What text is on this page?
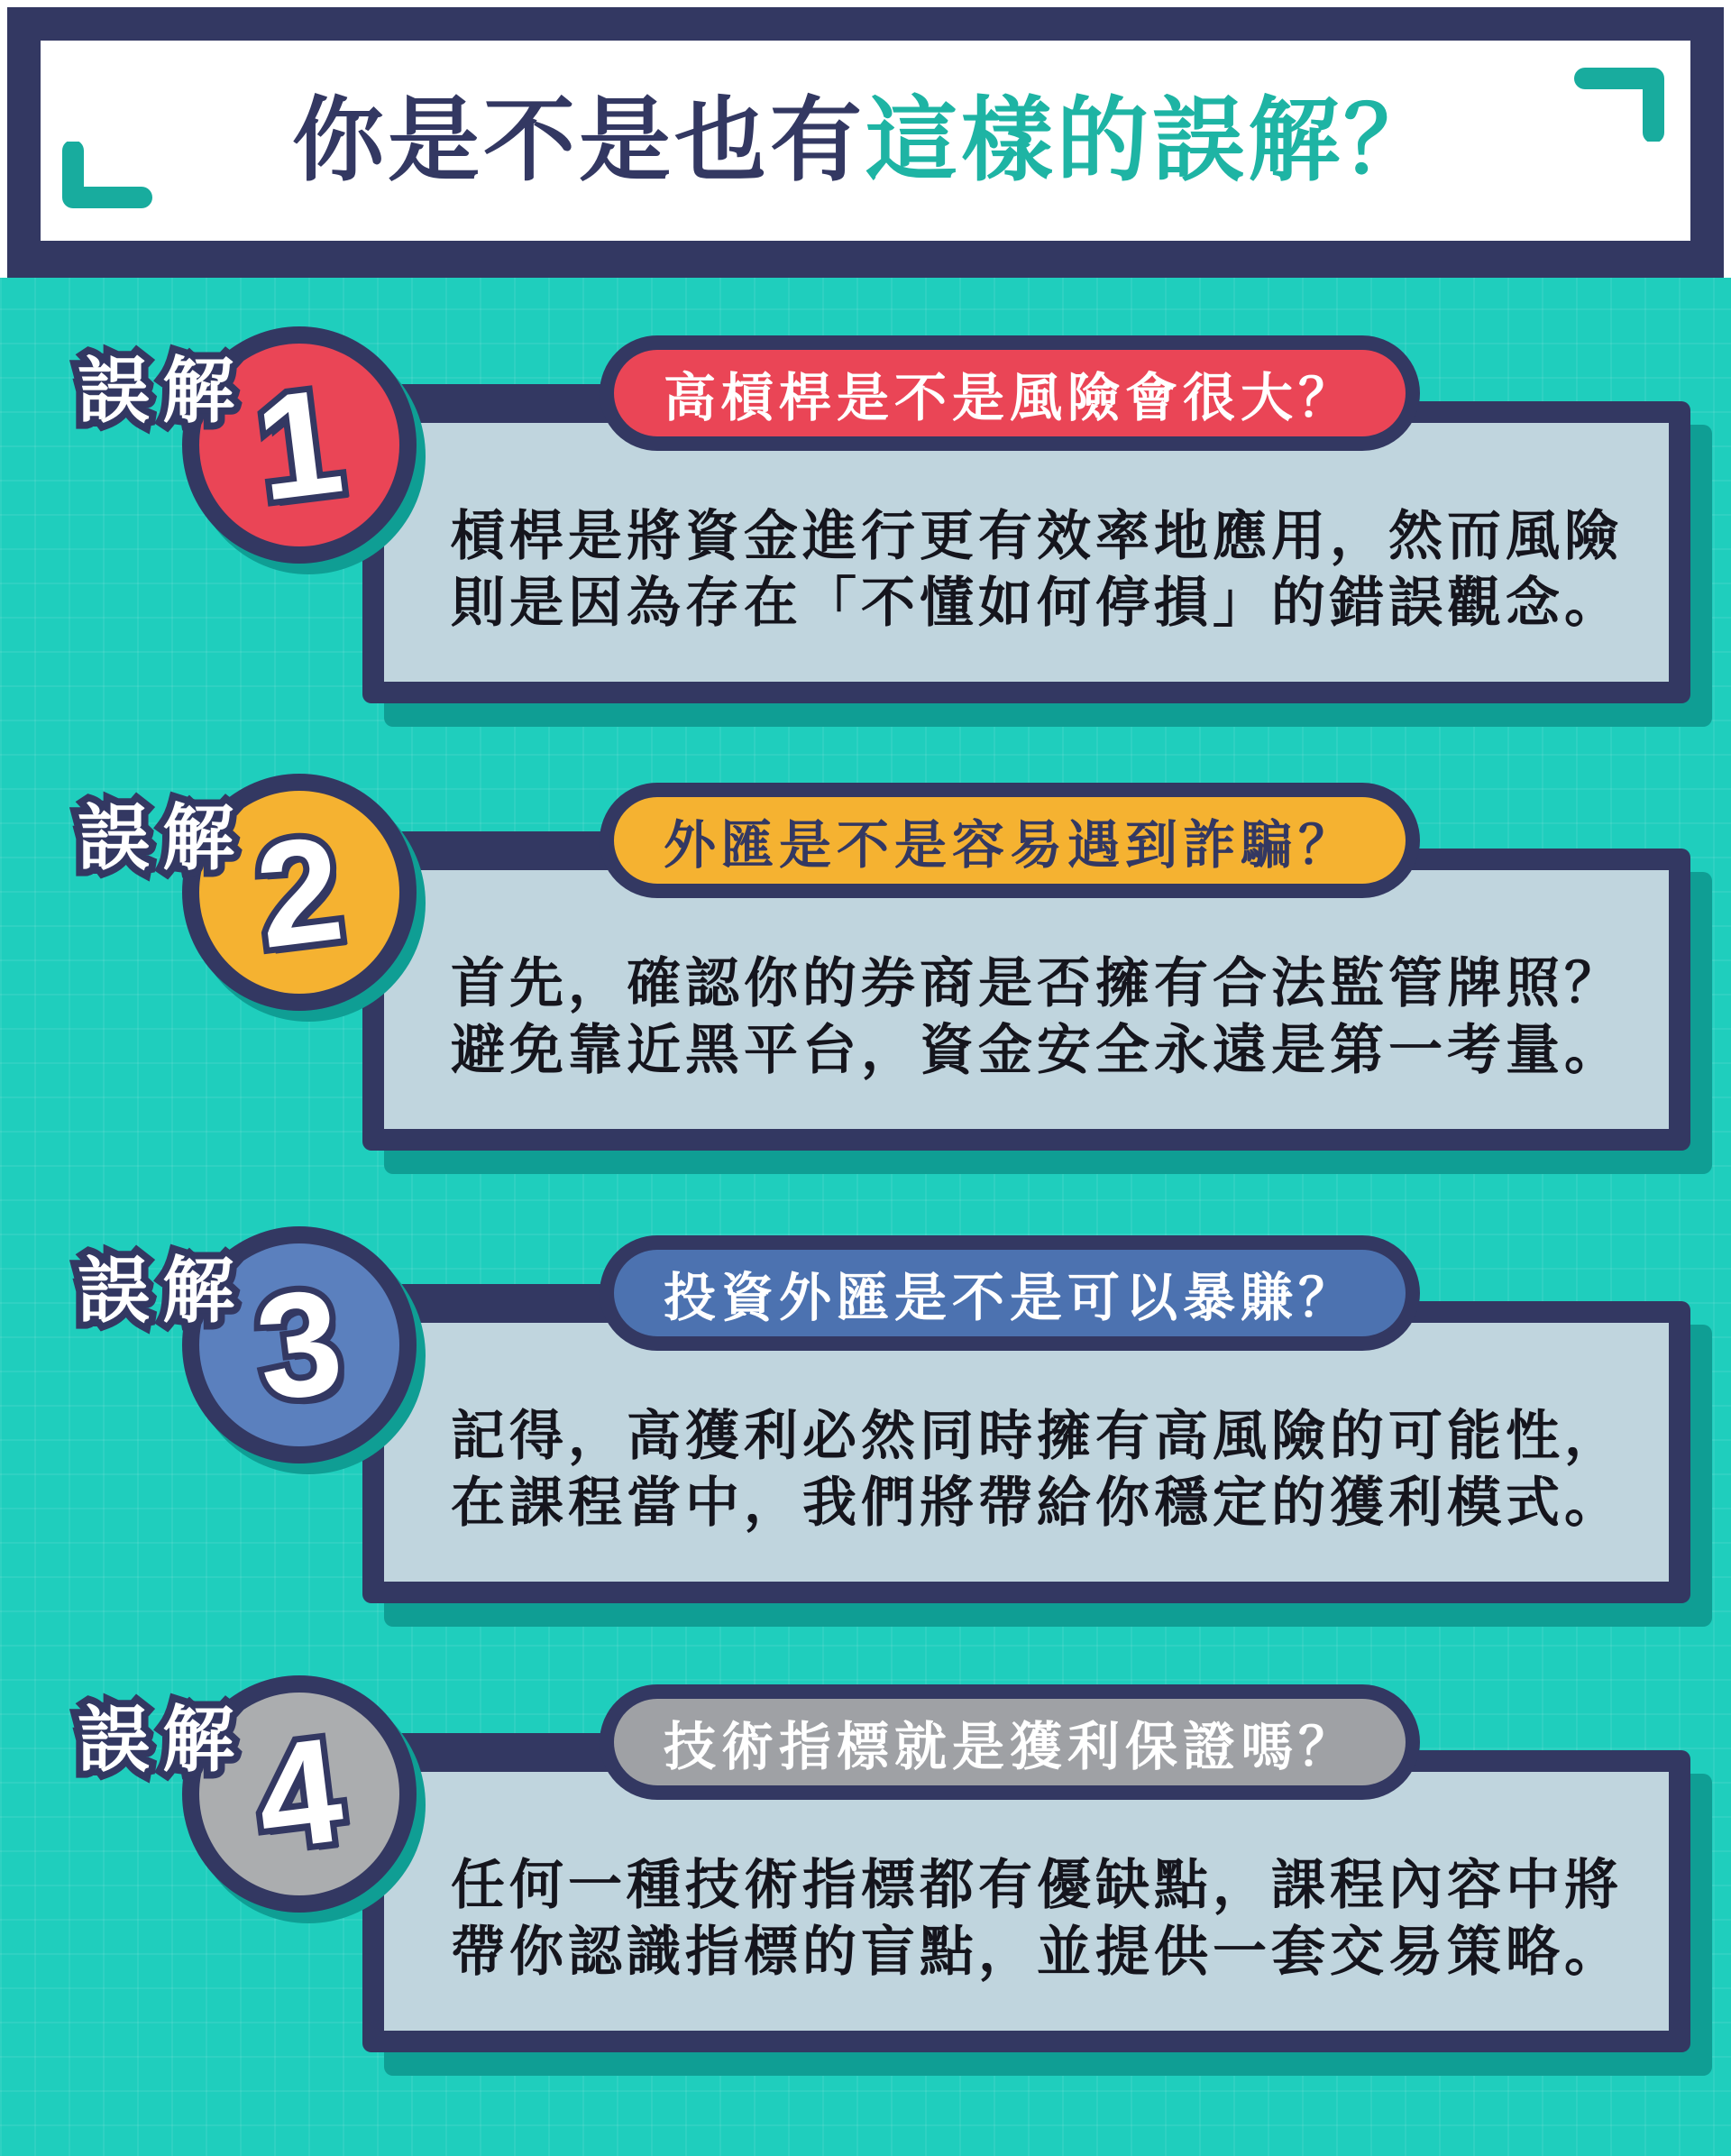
你是不是也有這樣的誤解？
1
誤解	高槓桿是不是風險會很大？
槓桿是將資金進行更有效率地應用，然而風險
則是因為存在「不懂如何停損」的錯誤觀念。
2
誤解	外匯是不是容易遇到詐騙？
首先，確認你的券商是否擁有合法監管牌照？
避免靠近黑平台，資金安全永遠是第一考量。
3
誤解	投資外匯是不是可以暴賺？
記得，高獲利必然同時擁有高風險的可能性，
在課程當中，我們將帶給你穩定的獲利模式。
4
誤解	技術指標就是獲利保證嗎？
任何一種技術指標都有優缺點，課程內容中將
帶你認識指標的盲點，並提供一套交易策略。
